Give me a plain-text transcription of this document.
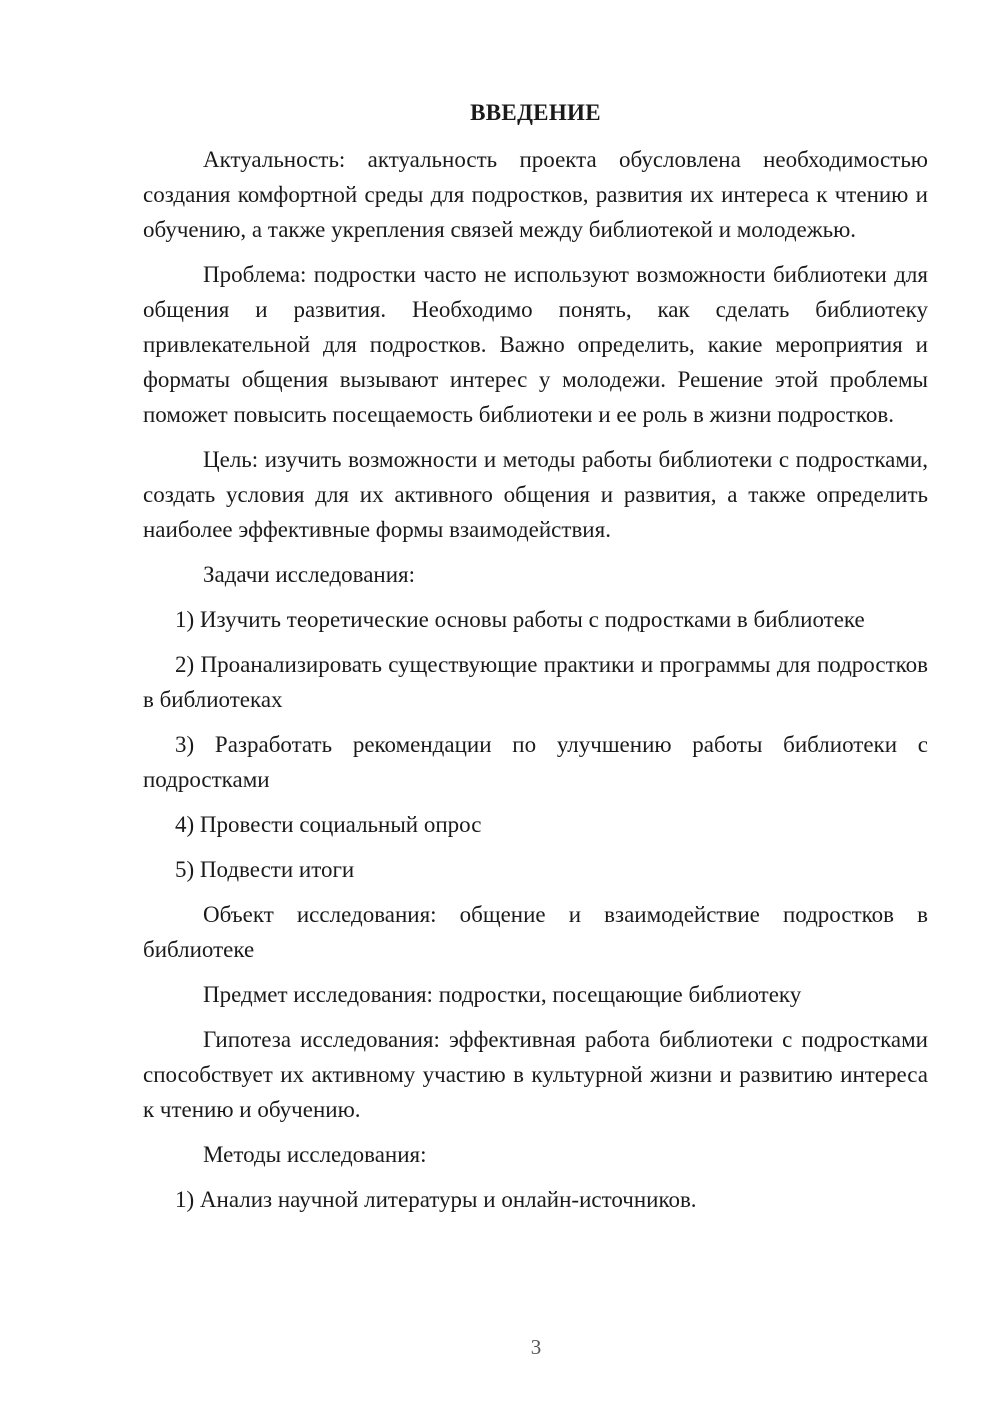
ВВЕДЕНИЕ

Актуальность: актуальность проекта обусловлена необходимостью создания комфортной среды для подростков, развития их интереса к чтению и обучению, а также укрепления связей между библиотекой и молодежью.

Проблема: подростки часто не используют возможности библиотеки для общения и развития. Необходимо понять, как сделать библиотеку привлекательной для подростков. Важно определить, какие мероприятия и форматы общения вызывают интерес у молодежи. Решение этой проблемы поможет повысить посещаемость библиотеки и ее роль в жизни подростков.

Цель: изучить возможности и методы работы библиотеки с подростками, создать условия для их активного общения и развития, а также определить наиболее эффективные формы взаимодействия.

Задачи исследования:

1) Изучить теоретические основы работы с подростками в библиотеке

2) Проанализировать существующие практики и программы для подростков в библиотеках

3) Разработать рекомендации по улучшению работы библиотеки с подростками

4) Провести социальный опрос

5) Подвести итоги

Объект исследования: общение и взаимодействие подростков в библиотеке

Предмет исследования: подростки, посещающие библиотеку

Гипотеза исследования: эффективная работа библиотеки с подростками способствует их активному участию в культурной жизни и развитию интереса к чтению и обучению.

Методы исследования:

1) Анализ научной литературы и онлайн-источников.

3
